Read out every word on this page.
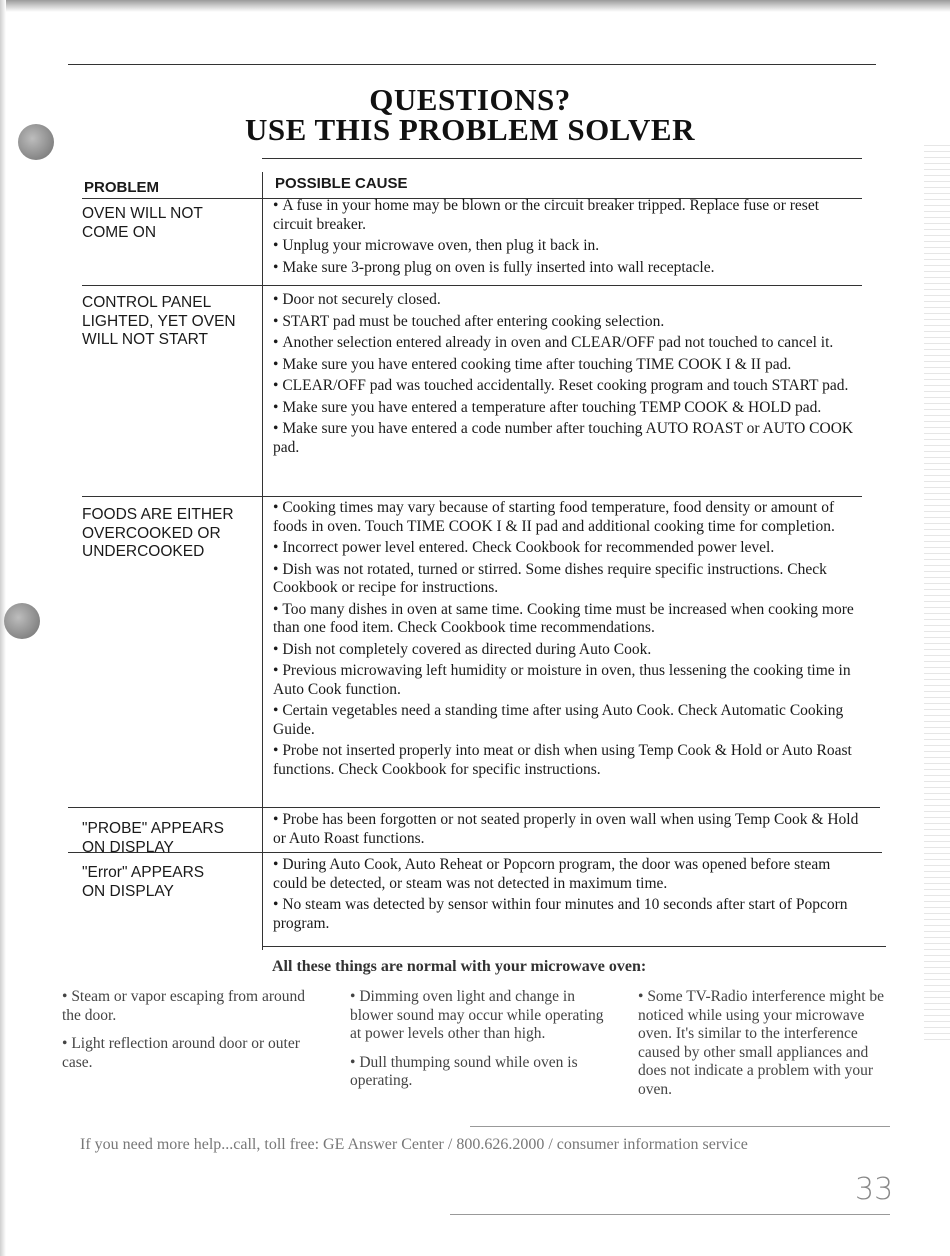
QUESTIONS?
USE THIS PROBLEM SOLVER
PROBLEM	POSSIBLE CAUSE
OVEN WILL NOT
COME ON

• A fuse in your home may be blown or the circuit breaker tripped. Replace fuse or reset circuit breaker.

• Unplug your microwave oven, then plug it back in.

• Make sure 3-prong plug on oven is fully inserted into wall receptacle.

CONTROL PANEL
LIGHTED, YET OVEN
WILL NOT START

• Door not securely closed.

• START pad must be touched after entering cooking selection.

• Another selection entered already in oven and CLEAR/OFF pad not touched to cancel it.

• Make sure you have entered cooking time after touching TIME COOK I & II pad.

• CLEAR/OFF pad was touched accidentally. Reset cooking program and touch START pad.

• Make sure you have entered a temperature after touching TEMP COOK & HOLD pad.

• Make sure you have entered a code number after touching AUTO ROAST or AUTO COOK pad.

FOODS ARE EITHER
OVERCOOKED OR
UNDERCOOKED

• Cooking times may vary because of starting food temperature, food density or amount of foods in oven. Touch TIME COOK I & II pad and additional cooking time for completion.

• Incorrect power level entered. Check Cookbook for recommended power level.

• Dish was not rotated, turned or stirred. Some dishes require specific instructions. Check Cookbook or recipe for instructions.

• Too many dishes in oven at same time. Cooking time must be increased when cooking more than one food item. Check Cookbook time recommendations.

• Dish not completely covered as directed during Auto Cook.

• Previous microwaving left humidity or moisture in oven, thus lessening the cooking time in Auto Cook function.

• Certain vegetables need a standing time after using Auto Cook. Check Automatic Cooking Guide.

• Probe not inserted properly into meat or dish when using Temp Cook & Hold or Auto Roast functions. Check Cookbook for specific instructions.

"PROBE" APPEARS
ON DISPLAY

• Probe has been forgotten or not seated properly in oven wall when using Temp Cook & Hold or Auto Roast functions.

"Error" APPEARS
ON DISPLAY

• During Auto Cook, Auto Reheat or Popcorn program, the door was opened before steam could be detected, or steam was not detected in maximum time.

• No steam was detected by sensor within four minutes and 10 seconds after start of Popcorn program.

All these things are normal with your microwave oven:

• Steam or vapor escaping from around the door.

• Light reflection around door or outer case.

• Dimming oven light and change in blower sound may occur while operating at power levels other than high.

• Dull thumping sound while oven is operating.

• Some TV-Radio interference might be noticed while using your microwave oven. It's similar to the interference caused by other small appliances and does not indicate a problem with your oven.

If you need more help...call, toll free: GE Answer Center / 800.626.2000 / consumer information service
33
